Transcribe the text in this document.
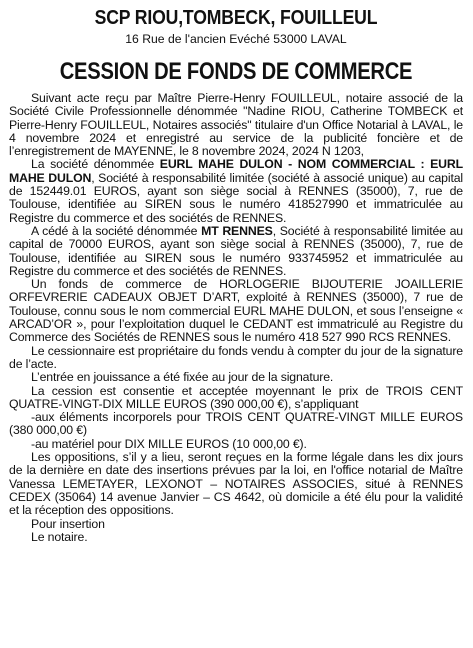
SCP RIOU,TOMBECK, FOUILLEUL
16 Rue de l'ancien Evéché 53000 LAVAL
CESSION DE FONDS DE COMMERCE

Suivant acte reçu par Maître Pierre-Henry FOUILLEUL, notaire associé de la Société Civile Professionnelle dénommée "Nadine RIOU, Catherine TOMBECK et Pierre-Henry FOUILLEUL, Notaires associés" titulaire d'un Office Notarial à LAVAL, le 4 novembre 2024 et enregistré au service de la publicité foncière et de l’enregistrement de MAYENNE, le 8 novembre 2024, 2024 N 1203,

La société dénommée EURL MAHE DULON - NOM COMMERCIAL : EURL MAHE DULON, Société à responsabilité limitée (société à associé unique) au capital de 152449.01 EUROS, ayant son siège social à RENNES (35000), 7, rue de Toulouse, identifiée au SIREN sous le numéro 418527990 et immatriculée au Registre du commerce et des sociétés de RENNES.

A cédé à la société dénommée MT RENNES, Société à responsabilité limitée au capital de 70000 EUROS, ayant son siège social à RENNES (35000), 7, rue de Toulouse, identifiée au SIREN sous le numéro 933745952 et immatriculée au Registre du commerce et des sociétés de RENNES.

Un fonds de commerce de HORLOGERIE BIJOUTERIE JOAILLERIE ORFEVRERIE CADEAUX OBJET D’ART, exploité à RENNES (35000), 7 rue de Toulouse, connu sous le nom commercial EURL MAHE DULON, et sous l’enseigne « ARCAD’OR », pour l’exploitation duquel le CEDANT est immatriculé au Registre du Commerce des Sociétés de RENNES sous le numéro 418 527 990 RCS RENNES.

Le cessionnaire est propriétaire du fonds vendu à compter du jour de la signature de l’acte.

L’entrée en jouissance a été fixée au jour de la signature.

La cession est consentie et acceptée moyennant le prix de TROIS CENT QUATRE-VINGT-DIX MILLE EUROS (390 000,00 €), s’appliquant

-aux éléments incorporels pour TROIS CENT QUATRE-VINGT MILLE EUROS (380 000,00 €)

-au matériel pour DIX MILLE EUROS (10 000,00 €).

Les oppositions, s’il y a lieu, seront reçues en la forme légale dans les dix jours de la dernière en date des insertions prévues par la loi, en l'office notarial de Maître Vanessa LEMETAYER, LEXONOT – NOTAIRES ASSOCIES, situé à RENNES CEDEX (35064) 14 avenue Janvier – CS 4642, où domicile a été élu pour la validité et la réception des oppositions.

Pour insertion

Le notaire.
